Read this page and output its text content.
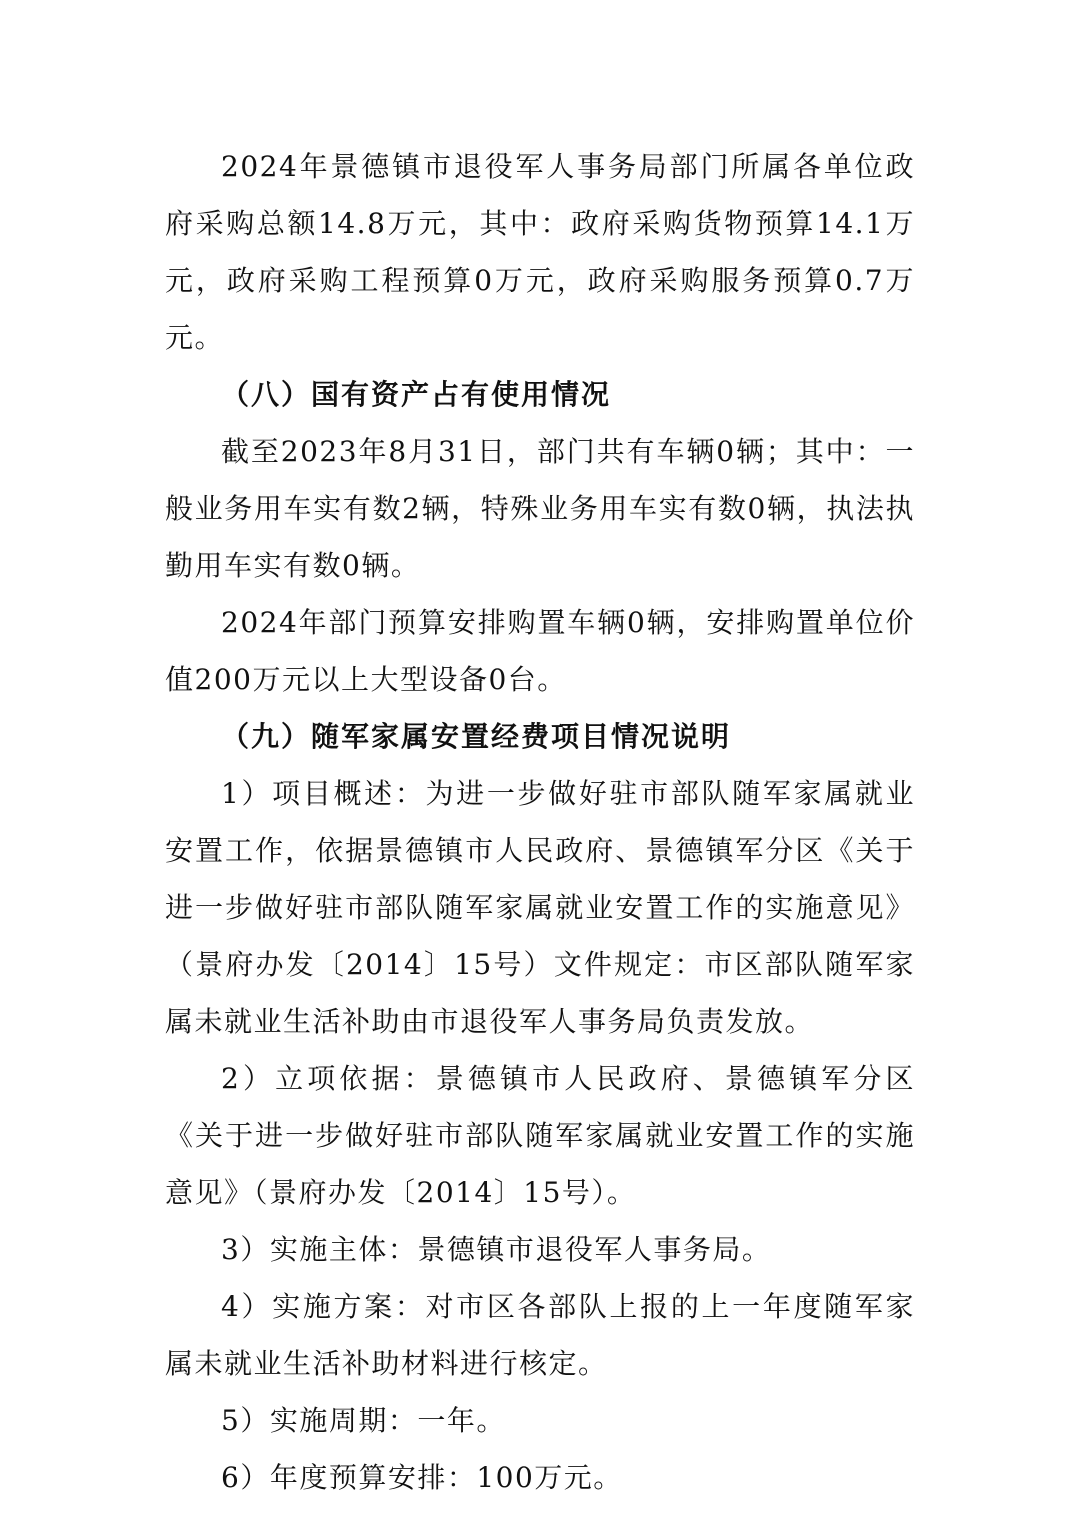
2024年景德镇市退役军人事务局部门所属各单位政府采购总额14.8万元，其中：政府采购货物预算14.1万元，政府采购工程预算0万元，政府采购服务预算0.7万元。

（八）国有资产占有使用情况

截至2023年8月31日，部门共有车辆0辆；其中：一般业务用车实有数2辆，特殊业务用车实有数0辆，执法执勤用车实有数0辆。

2024年部门预算安排购置车辆0辆，安排购置单位价值200万元以上大型设备0台。

（九）随军家属安置经费项目情况说明

1）项目概述：为进一步做好驻市部队随军家属就业安置工作，依据景德镇市人民政府、景德镇军分区《关于进一步做好驻市部队随军家属就业安置工作的实施意见》（景府办发〔2014〕15号）文件规定：市区部队随军家属未就业生活补助由市退役军人事务局负责发放。

2）立项依据：景德镇市人民政府、景德镇军分区《关于进一步做好驻市部队随军家属就业安置工作的实施意见》（景府办发〔2014〕15号）。

3）实施主体：景德镇市退役军人事务局。

4）实施方案：对市区各部队上报的上一年度随军家属未就业生活补助材料进行核定。

5）实施周期：一年。

6）年度预算安排：100万元。
